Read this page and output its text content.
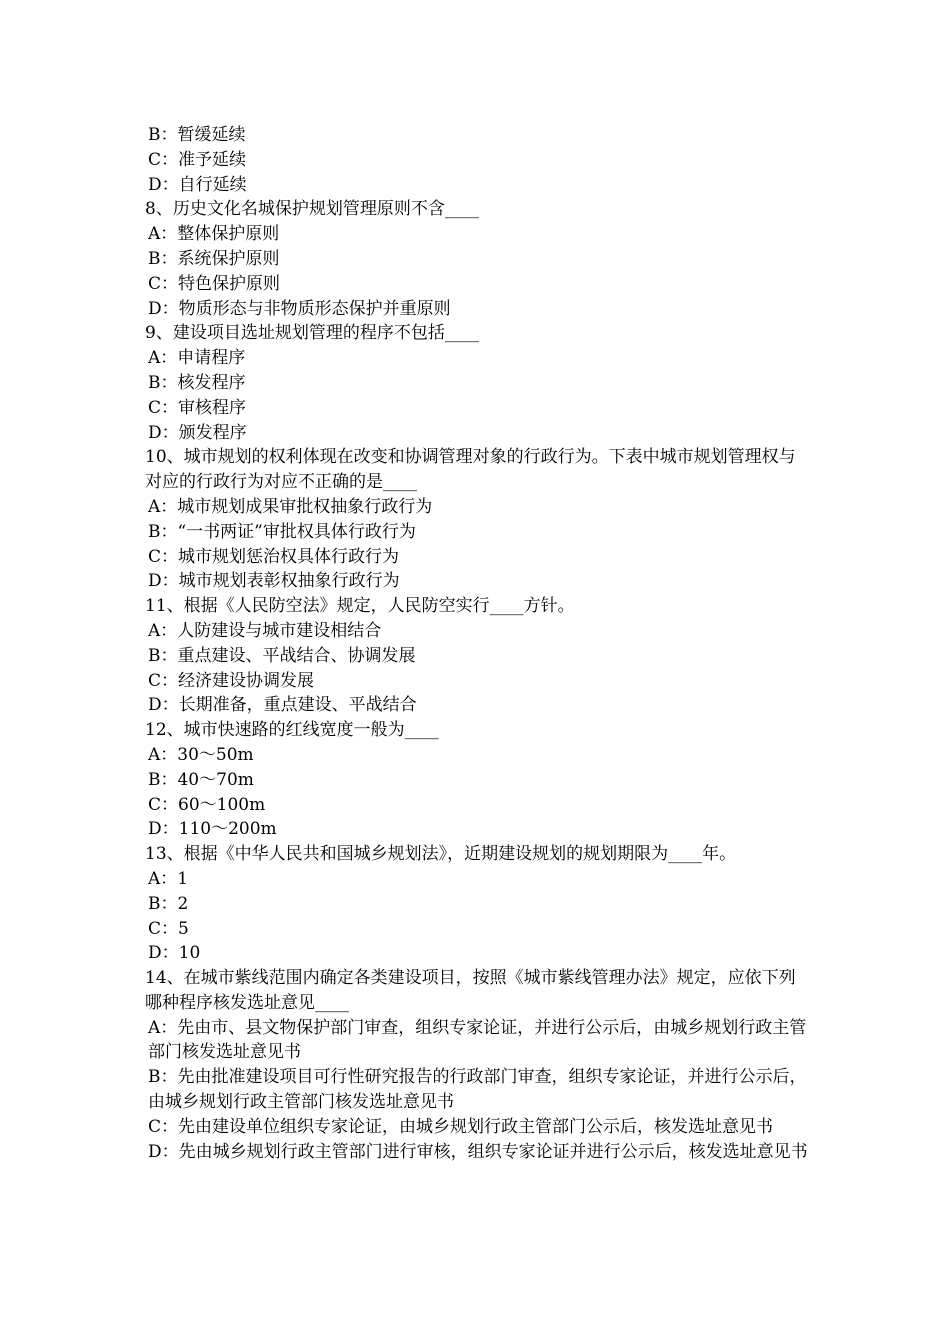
B：暂缓延续
C：准予延续
D：自行延续
8、历史文化名城保护规划管理原则不含____
A：整体保护原则
B：系统保护原则
C：特色保护原则
D：物质形态与非物质形态保护并重原则
9、建设项目选址规划管理的程序不包括____
A：申请程序
B：核发程序
C：审核程序
D：颁发程序
10、城市规划的权利体现在改变和协调管理对象的行政行为。下表中城市规划管理权与对应的行政行为对应不正确的是____
A：城市规划成果审批权抽象行政行为
B：“一书两证”审批权具体行政行为
C：城市规划惩治权具体行政行为
D：城市规划表彰权抽象行政行为
11、根据《人民防空法》规定，人民防空实行____方针。
A：人防建设与城市建设相结合
B：重点建设、平战结合、协调发展
C：经济建设协调发展
D：长期准备，重点建设、平战结合
12、城市快速路的红线宽度一般为____
A：30～50m
B：40～70m
C：60～100m
D：110～200m
13、根据《中华人民共和国城乡规划法》，近期建设规划的规划期限为____年。
A：1
B：2
C：5
D：10
14、在城市紫线范围内确定各类建设项目，按照《城市紫线管理办法》规定，应依下列哪种程序核发选址意见____
A：先由市、县文物保护部门审查，组织专家论证，并进行公示后，由城乡规划行政主管部门核发选址意见书
B：先由批准建设项目可行性研究报告的行政部门审查，组织专家论证，并进行公示后，由城乡规划行政主管部门核发选址意见书
C：先由建设单位组织专家论证，由城乡规划行政主管部门公示后，核发选址意见书
D：先由城乡规划行政主管部门进行审核，组织专家论证并进行公示后，核发选址意见书
